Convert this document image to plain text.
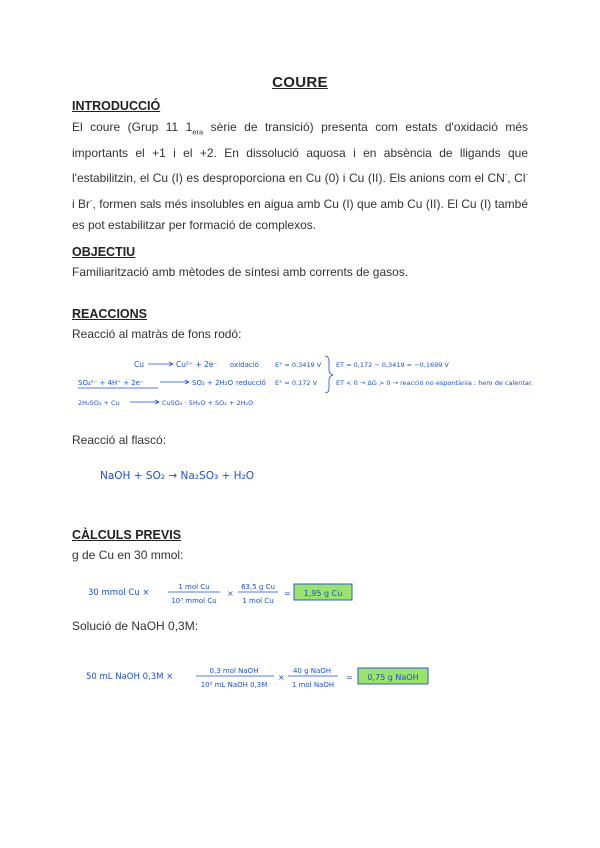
COURE
INTRODUCCIÓ
El coure (Grup 11 $1_{era}$ sèrie de transició) presenta com estats d'oxidació més importants el +1 i el +2. En dissolució aquosa i en absència de lligands que l'estabilitzin, el Cu (I) es desproporciona en Cu (0) i Cu (II). Els anions com el CN-, Cl- i Br-, formen sals més insolubles en aigua amb Cu (I) que amb Cu (II). El Cu (I) també es pot estabilitzar per formació de complexos.
OBJECTIU
Familiarització amb mètodes de síntesi amb corrents de gasos.
REACCIONS
Reacció al matràs de fons rodó:
Cu	Cu²⁺ + 2e⁻ oxidació E° = 0,3419 V
SO₄²⁻ + 4H⁺ + 2e⁻	SO₂ + 2H₂O reducció E° = 0,172 V
ET = 0,172 − 0,3419 = −0,1699 V
ET < 0 → ΔG > 0 → reacció no espontània : hem de calentar.
2H₂SO₄ + Cu	CuSO₄ · 5H₂O + SO₂ + 2H₂O
Reacció al flascó:
NaOH + SO₂ → Na₂SO₃ + H₂O
CÀLCULS PREVIS
g de Cu en 30 mmol:
30 mmol Cu ×
1 mol Cu
10³ mmol Cu
×
63,5 g Cu
1 mol Cu
= 1,95 g Cu
Solució de NaOH 0,3M:
50 mL NaOH 0,3M ×
0,3 mol NaOH
10³ mL NaOH 0,3M
×
40 g NaOH
1 mol NaOH
= 0,75 g NaOH
